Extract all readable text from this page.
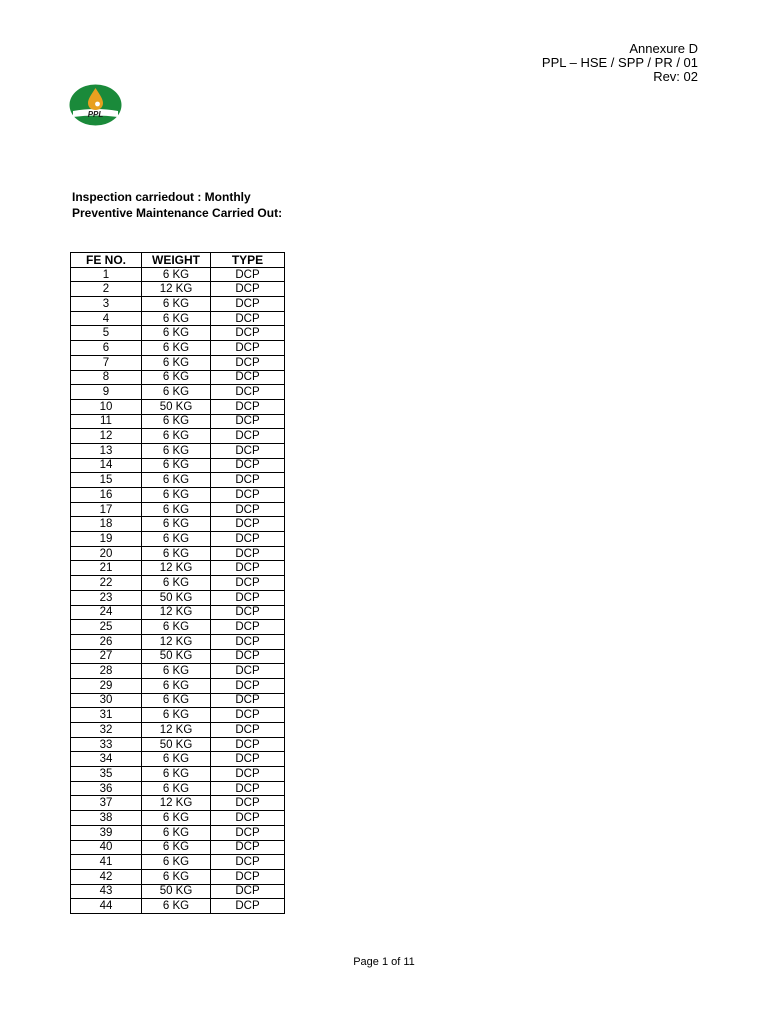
Annexure D
PPL – HSE / SPP / PR / 01
Rev: 02
PPL
Inspection carriedout : Monthly
Preventive Maintenance Carried Out:
FE NO.	WEIGHT	TYPE
1	6 KG	DCP
2	12 KG	DCP
3	6 KG	DCP
4	6 KG	DCP
5	6 KG	DCP
6	6 KG	DCP
7	6 KG	DCP
8	6 KG	DCP
9	6 KG	DCP
10	50 KG	DCP
11	6 KG	DCP
12	6 KG	DCP
13	6 KG	DCP
14	6 KG	DCP
15	6 KG	DCP
16	6 KG	DCP
17	6 KG	DCP
18	6 KG	DCP
19	6 KG	DCP
20	6 KG	DCP
21	12 KG	DCP
22	6 KG	DCP
23	50 KG	DCP
24	12 KG	DCP
25	6 KG	DCP
26	12 KG	DCP
27	50 KG	DCP
28	6 KG	DCP
29	6 KG	DCP
30	6 KG	DCP
31	6 KG	DCP
32	12 KG	DCP
33	50 KG	DCP
34	6 KG	DCP
35	6 KG	DCP
36	6 KG	DCP
37	12 KG	DCP
38	6 KG	DCP
39	6 KG	DCP
40	6 KG	DCP
41	6 KG	DCP
42	6 KG	DCP
43	50 KG	DCP
44	6 KG	DCP
Page 1 of 11
